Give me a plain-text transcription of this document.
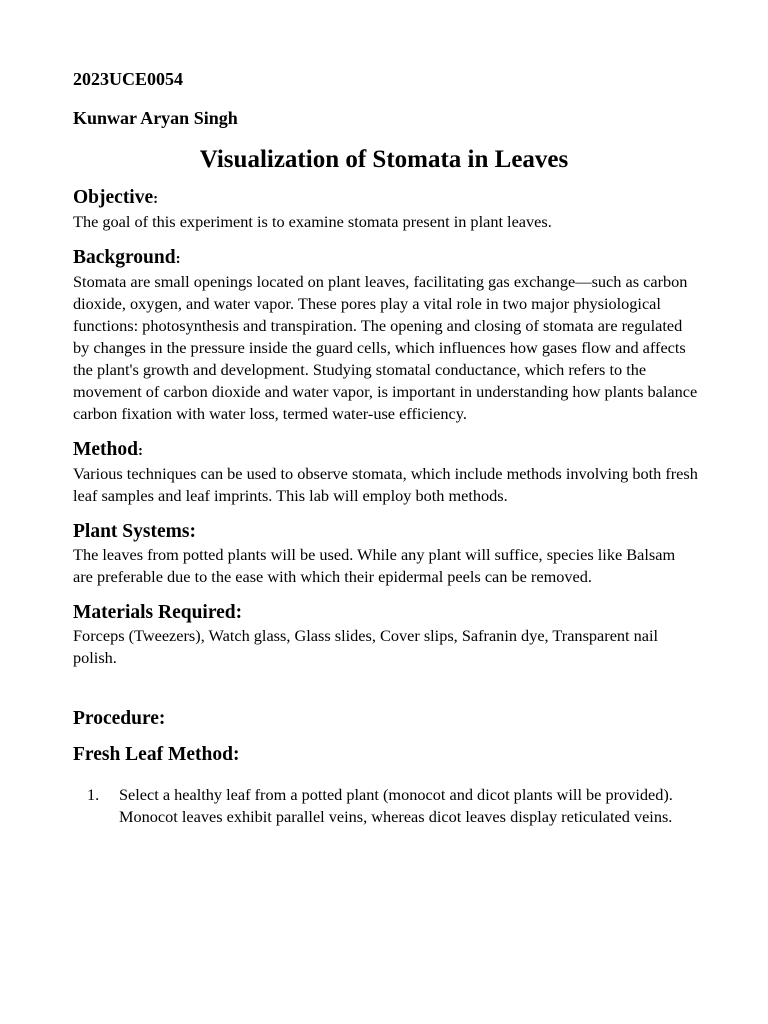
2023UCE0054

Kunwar Aryan Singh

Visualization of Stomata in Leaves
Objective:

The goal of this experiment is to examine stomata present in plant leaves.

Background:

Stomata are small openings located on plant leaves, facilitating gas exchange—such as carbon dioxide, oxygen, and water vapor. These pores play a vital role in two major physiological functions: photosynthesis and transpiration. The opening and closing of stomata are regulated by changes in the pressure inside the guard cells, which influences how gases flow and affects the plant's growth and development. Studying stomatal conductance, which refers to the movement of carbon dioxide and water vapor, is important in understanding how plants balance carbon fixation with water loss, termed water-use efficiency.

Method:

Various techniques can be used to observe stomata, which include methods involving both fresh leaf samples and leaf imprints. This lab will employ both methods.

Plant Systems:

The leaves from potted plants will be used. While any plant will suffice, species like Balsam are preferable due to the ease with which their epidermal peels can be removed.

Materials Required:

Forceps (Tweezers), Watch glass, Glass slides, Cover slips, Safranin dye, Transparent nail polish.

Procedure:
Fresh Leaf Method:
1. Select a healthy leaf from a potted plant (monocot and dicot plants will be provided). Monocot leaves exhibit parallel veins, whereas dicot leaves display reticulated veins.
